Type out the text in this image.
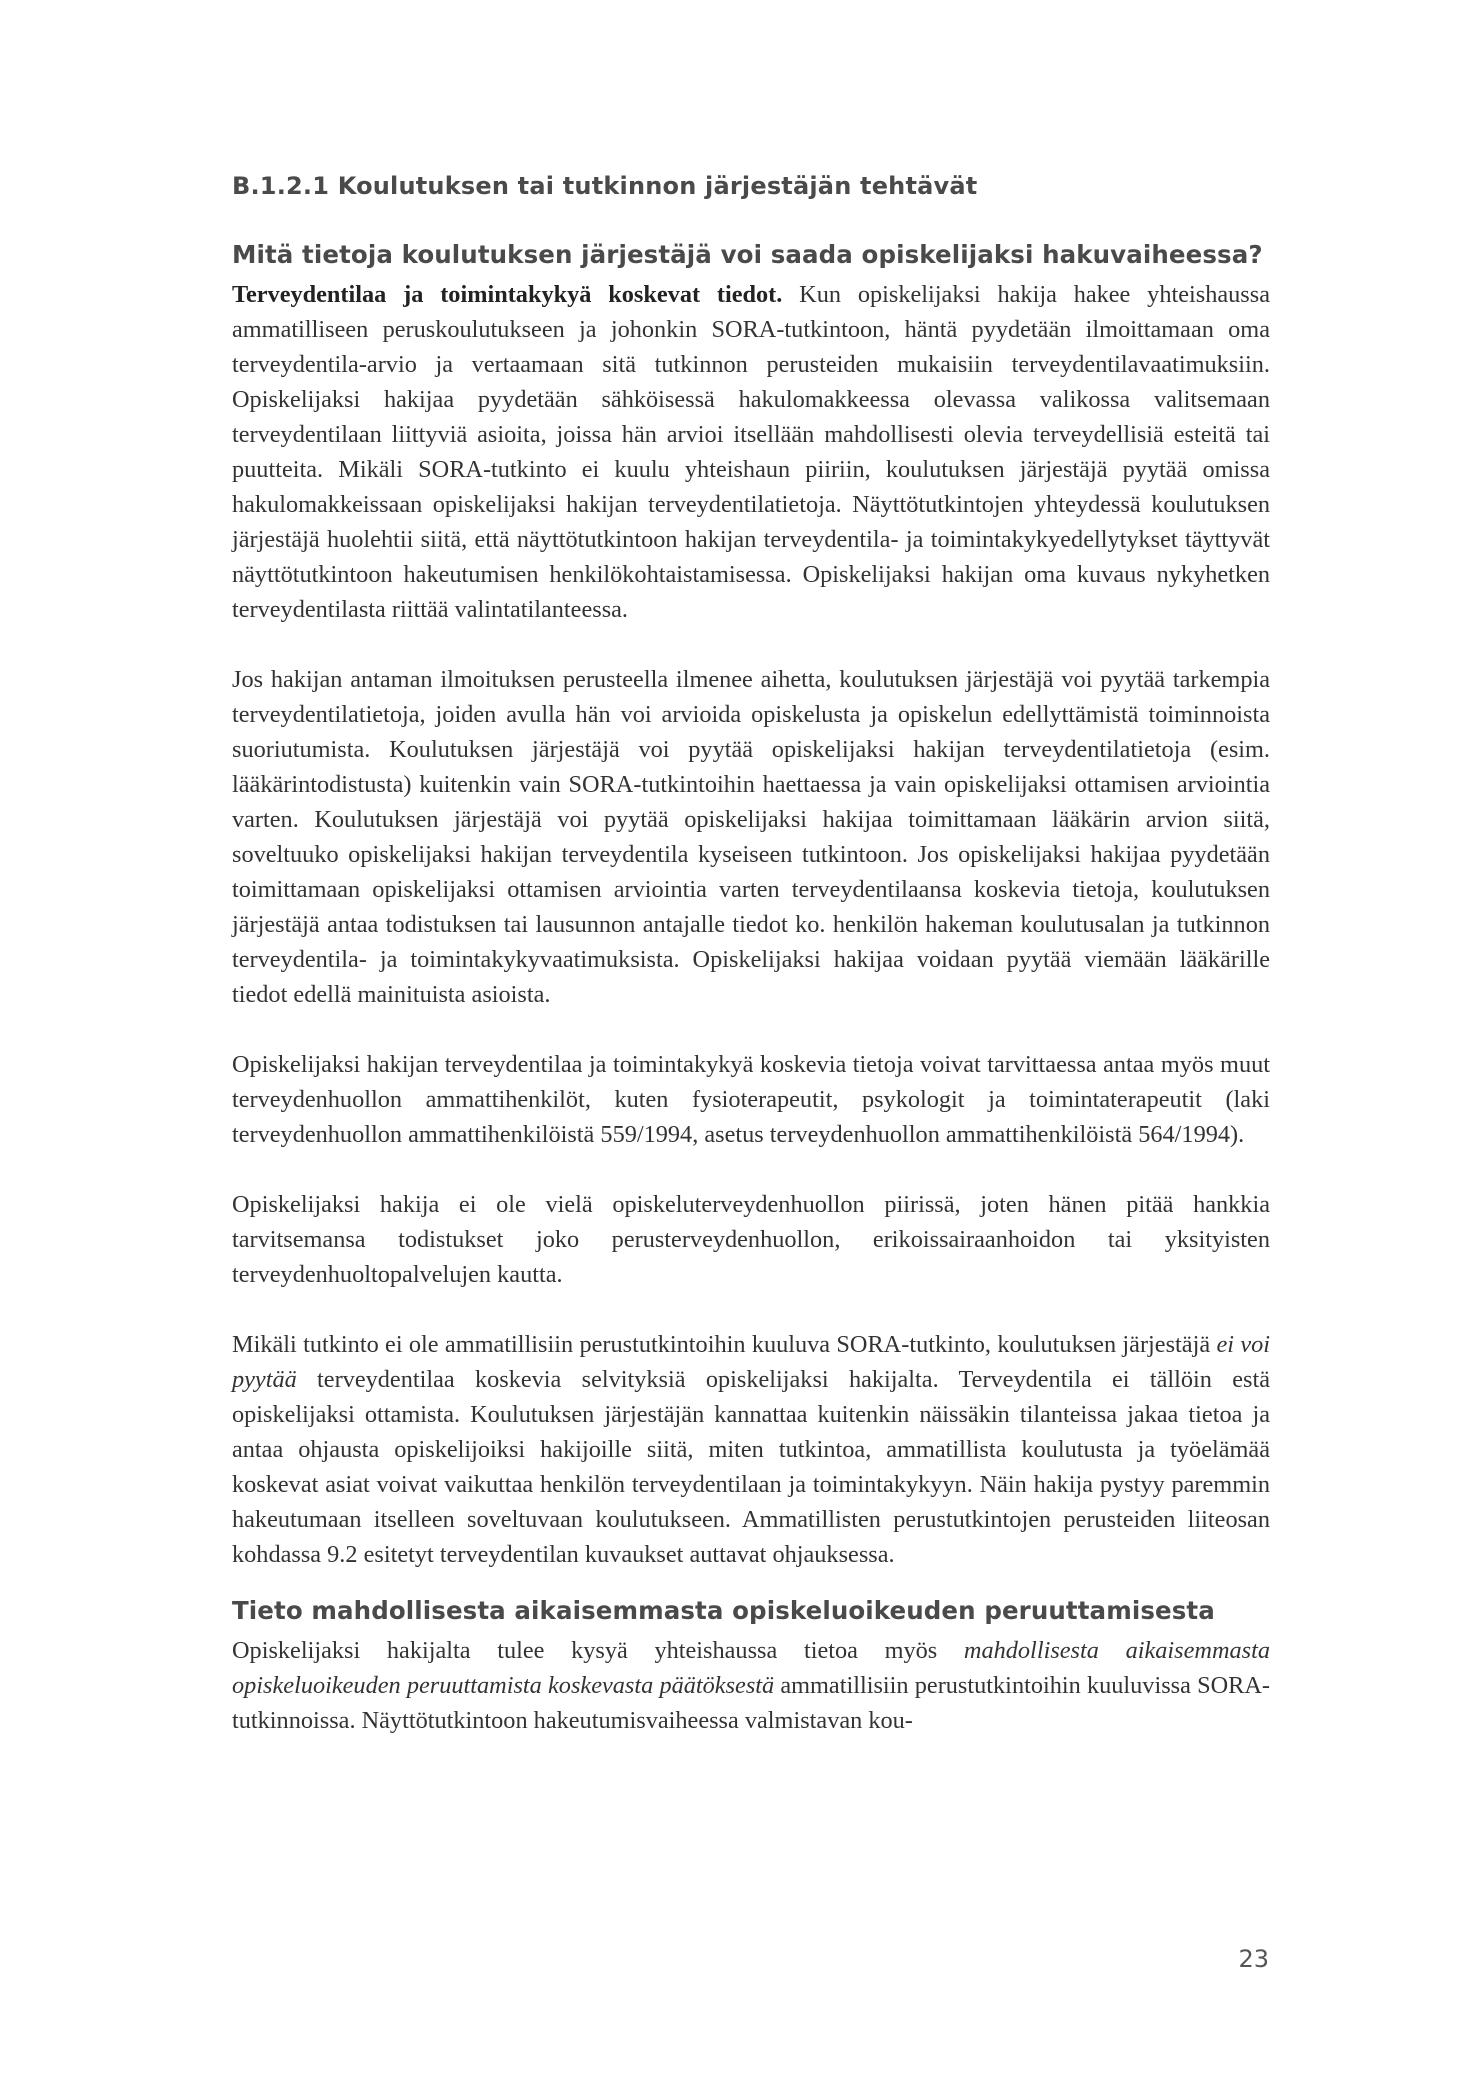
B.1.2.1 Koulutuksen tai tutkinnon järjestäjän tehtävät
Mitä tietoja koulutuksen järjestäjä voi saada opiskelijaksi hakuvaiheessa?

Terveydentilaa ja toimintakykyä koskevat tiedot. Kun opiskelijaksi hakija hakee yhteishaussa ammatilliseen peruskoulutukseen ja johonkin SORA-tutkintoon, häntä pyydetään ilmoittamaan oma terveydentila-arvio ja vertaamaan sitä tutkinnon perusteiden mukaisiin terveydentilavaatimuksiin. Opiskelijaksi hakijaa pyydetään sähköisessä hakulomakkeessa olevassa valikossa valitsemaan terveydentilaan liittyviä asioita, joissa hän arvioi itsellään mahdollisesti olevia terveydellisiä esteitä tai puutteita. Mikäli SORA-tutkinto ei kuulu yhteishaun piiriin, koulutuksen järjestäjä pyytää omissa hakulomakkeissaan opiskelijaksi hakijan terveydentilatietoja. Näyttötutkintojen yhteydessä koulutuksen järjestäjä huolehtii siitä, että näyttötutkintoon hakijan terveydentila- ja toimintakykyedellytykset täyttyvät näyttötutkintoon hakeutumisen henkilökohtaistamisessa. Opiskelijaksi hakijan oma kuvaus nykyhetken terveydentilasta riittää valintatilanteessa.

Jos hakijan antaman ilmoituksen perusteella ilmenee aihetta, koulutuksen järjestäjä voi pyytää tarkempia terveydentilatietoja, joiden avulla hän voi arvioida opiskelusta ja opiskelun edellyttämistä toiminnoista suoriutumista. Koulutuksen järjestäjä voi pyytää opiskelijaksi hakijan terveydentilatietoja (esim. lääkärintodistusta) kuitenkin vain SORA-tutkintoihin haettaessa ja vain opiskelijaksi ottamisen arviointia varten. Koulutuksen järjestäjä voi pyytää opiskelijaksi hakijaa toimittamaan lääkärin arvion siitä, soveltuuko opiskelijaksi hakijan terveydentila kyseiseen tutkintoon. Jos opiskelijaksi hakijaa pyydetään toimittamaan opiskelijaksi ottamisen arviointia varten terveydentilaansa koskevia tietoja, koulutuksen järjestäjä antaa todistuksen tai lausunnon antajalle tiedot ko. henkilön hakeman koulutusalan ja tutkinnon terveydentila- ja toimintakykyvaatimuksista. Opiskelijaksi hakijaa voidaan pyytää viemään lääkärille tiedot edellä mainituista asioista.

Opiskelijaksi hakijan terveydentilaa ja toimintakykyä koskevia tietoja voivat tarvittaessa antaa myös muut terveydenhuollon ammattihenkilöt, kuten fysioterapeutit, psykologit ja toimintaterapeutit (laki terveydenhuollon ammattihenkilöistä 559/1994, asetus terveydenhuollon ammattihenkilöistä 564/1994).

Opiskelijaksi hakija ei ole vielä opiskeluterveydenhuollon piirissä, joten hänen pitää hankkia tarvitsemansa todistukset joko perusterveydenhuollon, erikoissairaanhoidon tai yksityisten terveydenhuoltopalvelujen kautta.

Mikäli tutkinto ei ole ammatillisiin perustutkintoihin kuuluva SORA-tutkinto, koulutuksen järjestäjä ei voi pyytää terveydentilaa koskevia selvityksiä opiskelijaksi hakijalta. Terveydentila ei tällöin estä opiskelijaksi ottamista. Koulutuksen järjestäjän kannattaa kuitenkin näissäkin tilanteissa jakaa tietoa ja antaa ohjausta opiskelijoiksi hakijoille siitä, miten tutkintoa, ammatillista koulutusta ja työelämää koskevat asiat voivat vaikuttaa henkilön terveydentilaan ja toimintakykyyn. Näin hakija pystyy paremmin hakeutumaan itselleen soveltuvaan koulutukseen. Ammatillisten perustutkintojen perusteiden liiteosan kohdassa 9.2 esitetyt terveydentilan kuvaukset auttavat ohjauksessa.

Tieto mahdollisesta aikaisemmasta opiskeluoikeuden peruuttamisesta

Opiskelijaksi hakijalta tulee kysyä yhteishaussa tietoa myös mahdollisesta aikaisemmasta opiskeluoikeuden peruuttamista koskevasta päätöksestä ammatillisiin perustutkintoihin kuuluvissa SORA-tutkinnoissa. Näyttötutkintoon hakeutumisvaiheessa valmistavan kou-

23
